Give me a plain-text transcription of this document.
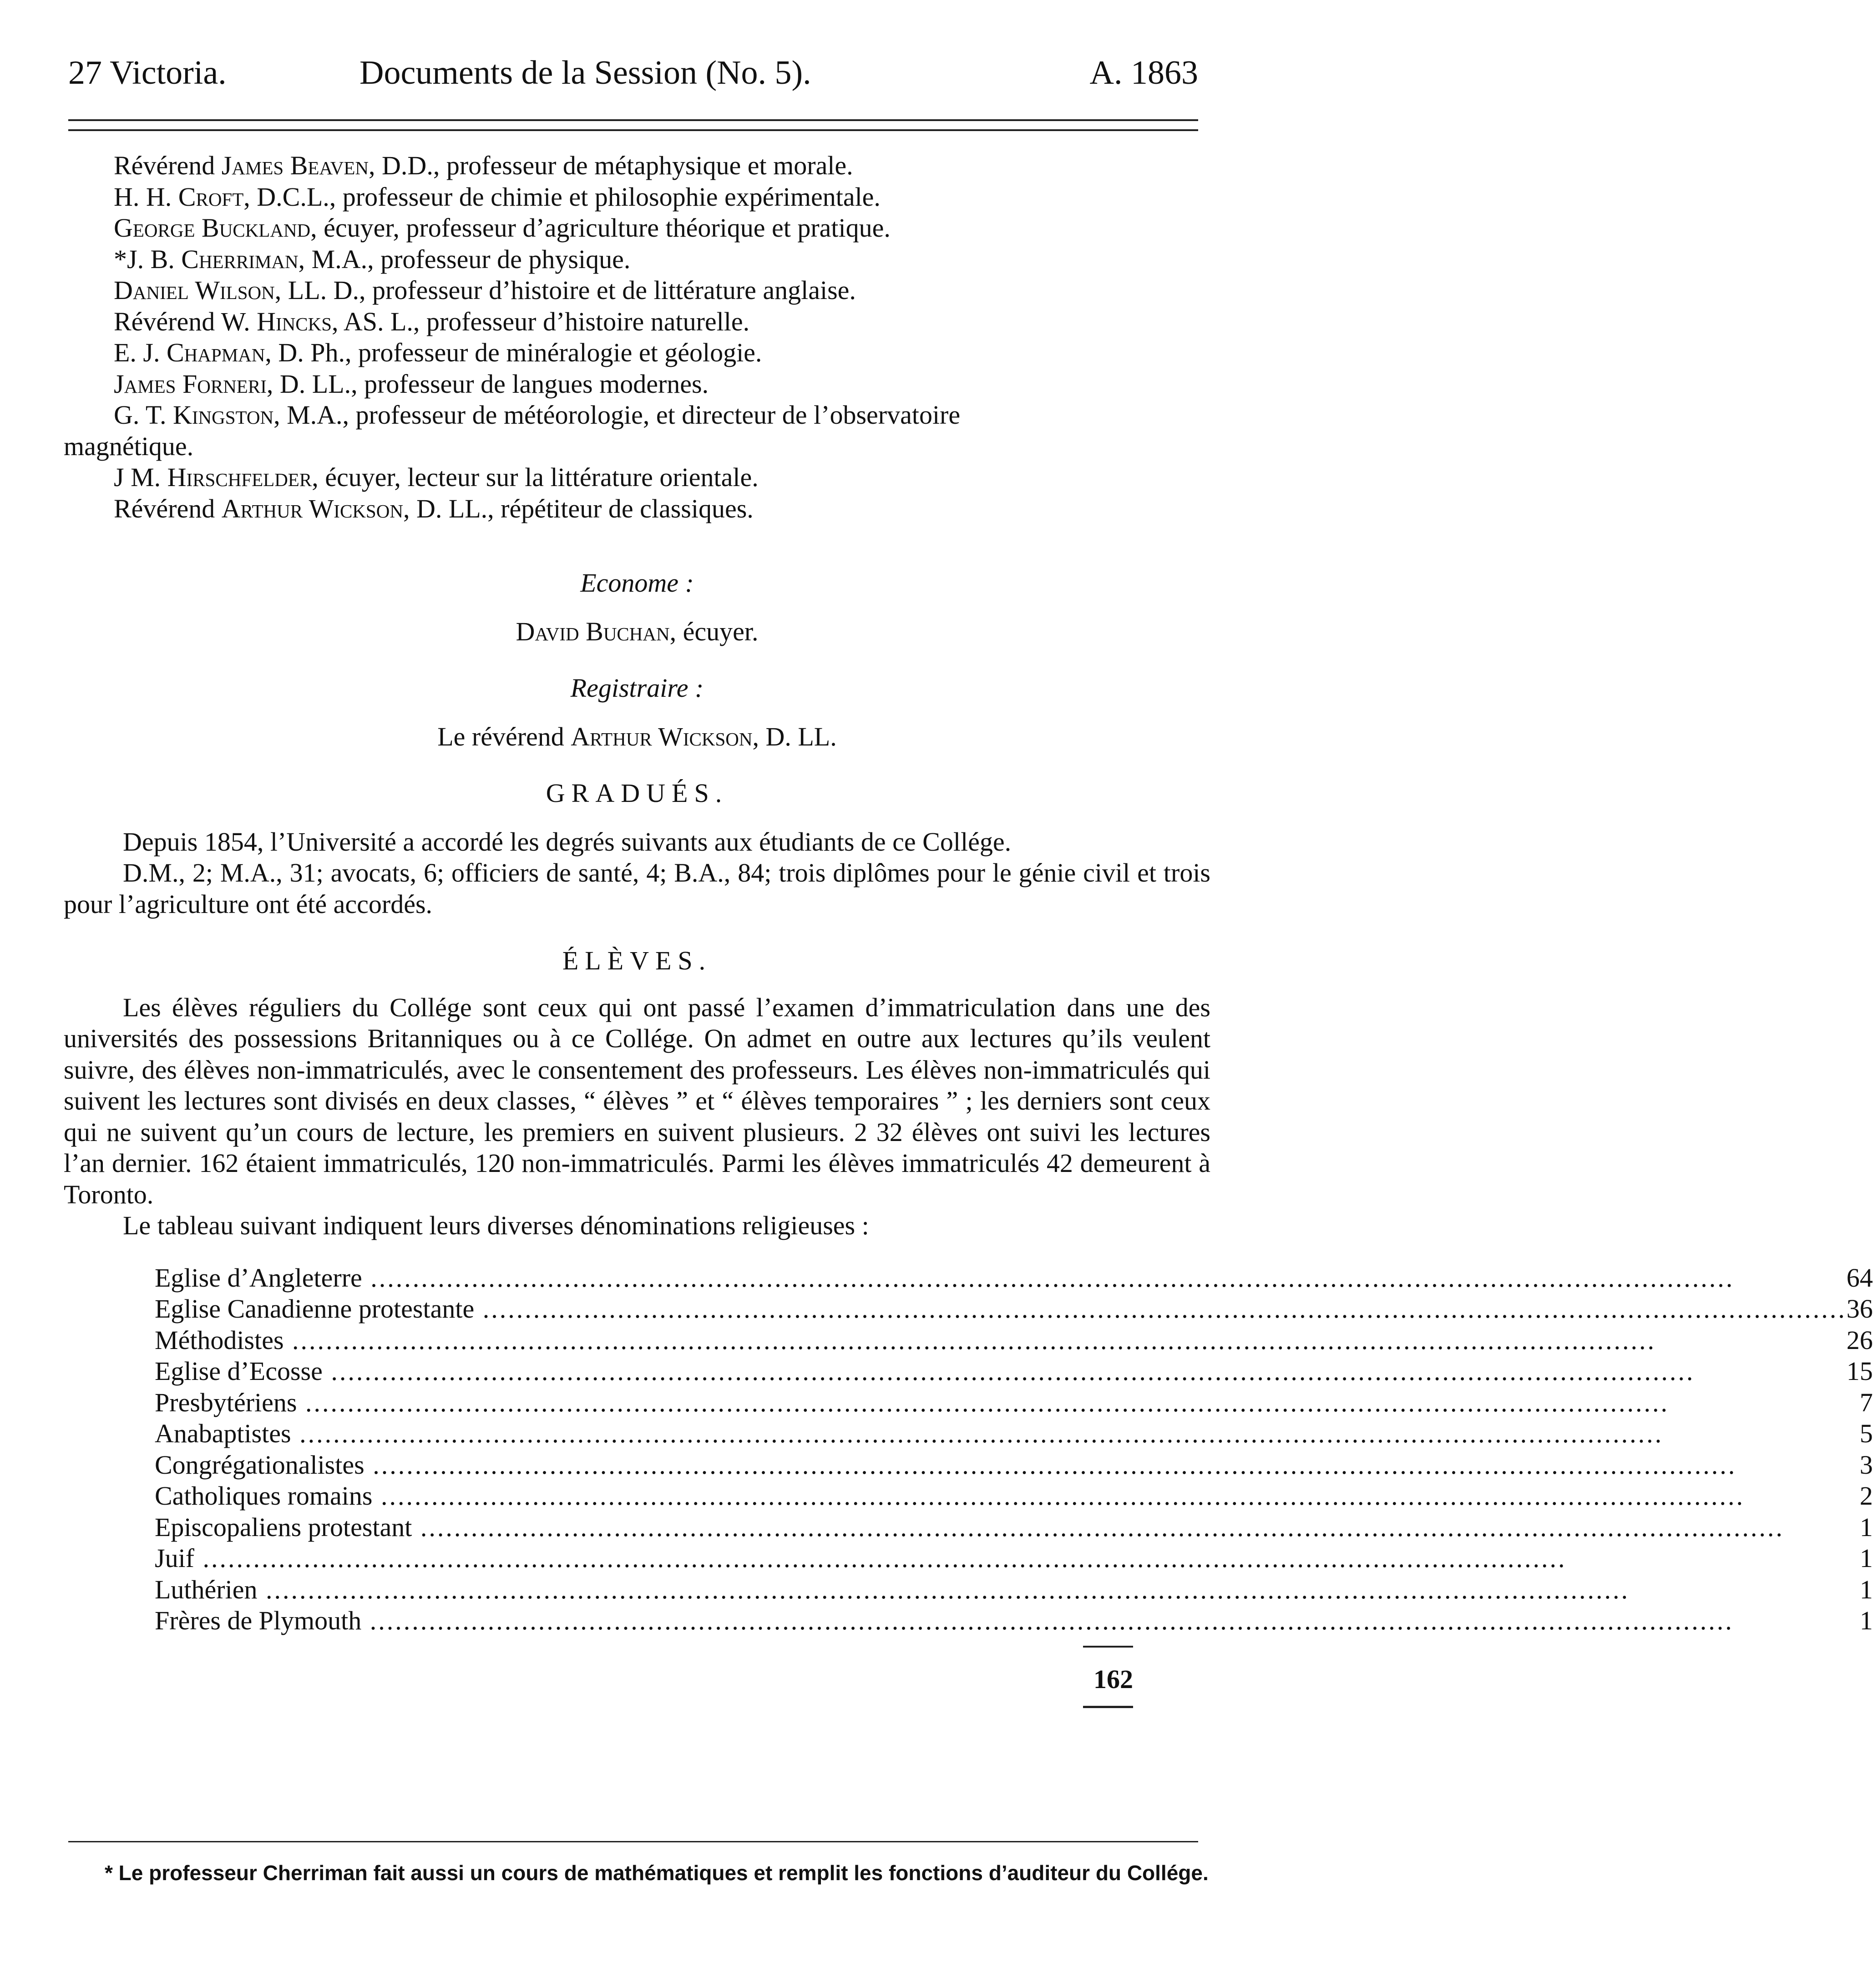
27 Victoria.	Documents de la Session (No. 5).	A. 1863
Révérend James Beaven, D.D., professeur de métaphysique et morale.
H. H. Croft, D.C.L., professeur de chimie et philosophie expérimentale.
George Buckland, écuyer, professeur d’agriculture théorique et pratique.
*J. B. Cherriman, M.A., professeur de physique.
Daniel Wilson, LL. D., professeur d’histoire et de littérature anglaise.
Révérend W. Hincks, AS. L., professeur d’histoire naturelle.
E. J. Chapman, D. Ph., professeur de minéralogie et géologie.
James Forneri, D. LL., professeur de langues modernes.
G. T. Kingston, M.A., professeur de météorologie, et directeur de l’observatoire
magnétique.
J M. Hirschfelder, écuyer, lecteur sur la littérature orientale.
Révérend Arthur Wickson, D. LL., répétiteur de classiques.
Econome :
David Buchan, écuyer.
Registraire :
Le révérend Arthur Wickson, D. LL.
GRADUÉS.
Depuis 1854, l’Université a accordé les degrés suivants aux étudiants de ce Collége.
D.M., 2; M.A., 31; avocats, 6; officiers de santé, 4; B.A., 84; trois diplômes pour le génie civil et trois pour l’agriculture ont été accordés.
ÉLÈVES.
Les élèves réguliers du Collége sont ceux qui ont passé l’examen d’immatriculation dans une des universités des possessions Britanniques ou à ce Collége. On admet en outre aux lectures qu’ils veulent suivre, des élèves non-immatriculés, avec le consentement des professeurs. Les élèves non-immatriculés qui suivent les lectures sont divisés en deux classes, “ élèves ” et “ élèves temporaires ” ; les derniers sont ceux qui ne suivent qu’un cours de lecture, les premiers en suivent plusieurs. 2 32 élèves ont suivi les lectures l’an dernier. 162 étaient immatriculés, 120 non-immatriculés. Parmi les élèves immatriculés 42 demeurent à Toronto.
Le tableau suivant indiquent leurs diverses dénominations religieuses :
Eglise d’Angleterre .....	64
Eglise Canadienne protestante .....	36
Méthodistes .....	26
Eglise d’Ecosse .....	15
Presbytériens .....	7
Anabaptistes .....	5
Congrégationalistes .....	3
Catholiques romains .....	2
Episcopaliens protestant .....	1
Juif .....	1
Luthérien .....	1
Frères de Plymouth .....	1
162
* Le professeur Cherriman fait aussi un cours de mathématiques et remplit les fonctions d’auditeur du Collége.
